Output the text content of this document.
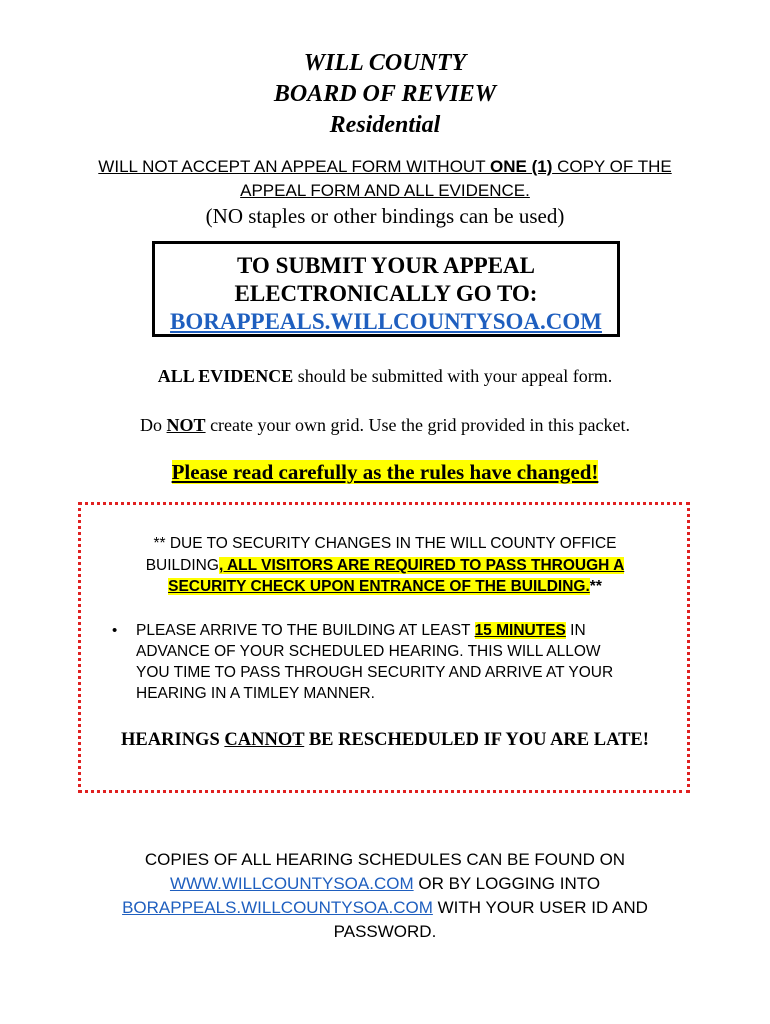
WILL COUNTY
BOARD OF REVIEW
Residential
WILL NOT ACCEPT AN APPEAL FORM WITHOUT ONE (1) COPY OF THE
APPEAL FORM AND ALL EVIDENCE.
(NO staples or other bindings can be used)
TO SUBMIT YOUR APPEAL
ELECTRONICALLY GO TO:
BORAPPEALS.WILLCOUNTYSOA.COM
ALL EVIDENCE should be submitted with your appeal form.
Do NOT create your own grid. Use the grid provided in this packet.
Please read carefully as the rules have changed!
** DUE TO SECURITY CHANGES IN THE WILL COUNTY OFFICE
BUILDING, ALL VISITORS ARE REQUIRED TO PASS THROUGH A
SECURITY CHECK UPON ENTRANCE OF THE BUILDING.**
• PLEASE ARRIVE TO THE BUILDING AT LEAST 15 MINUTES IN
ADVANCE OF YOUR SCHEDULED HEARING. THIS WILL ALLOW
YOU TIME TO PASS THROUGH SECURITY AND ARRIVE AT YOUR
HEARING IN A TIMLEY MANNER.
HEARINGS CANNOT BE RESCHEDULED IF YOU ARE LATE!
COPIES OF ALL HEARING SCHEDULES CAN BE FOUND ON
WWW.WILLCOUNTYSOA.COM OR BY LOGGING INTO
BORAPPEALS.WILLCOUNTYSOA.COM WITH YOUR USER ID AND
PASSWORD.
